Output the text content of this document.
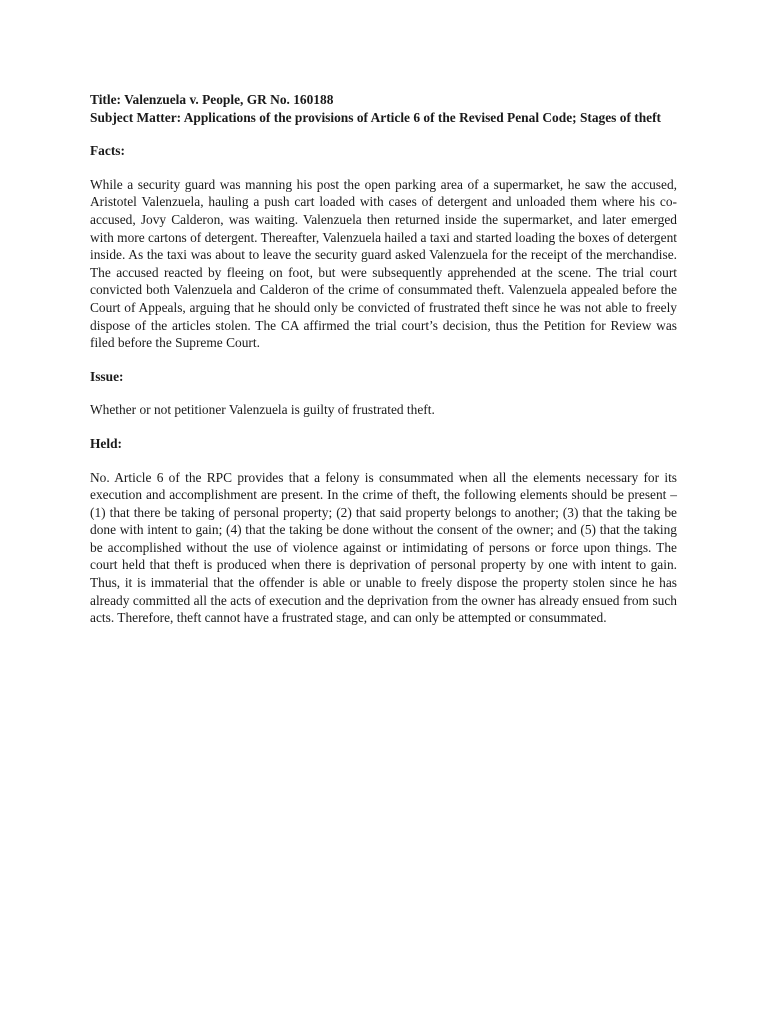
Title: Valenzuela v. People, GR No. 160188

Subject Matter: Applications of the provisions of Article 6 of the Revised Penal Code; Stages of theft

Facts:

While a security guard was manning his post the open parking area of a supermarket, he saw the accused, Aristotel Valenzuela, hauling a push cart loaded with cases of detergent and unloaded them where his co-accused, Jovy Calderon, was waiting. Valenzuela then returned inside the supermarket, and later emerged with more cartons of detergent. Thereafter, Valenzuela hailed a taxi and started loading the boxes of detergent inside. As the taxi was about to leave the security guard asked Valenzuela for the receipt of the merchandise. The accused reacted by fleeing on foot, but were subsequently apprehended at the scene. The trial court convicted both Valenzuela and Calderon of the crime of consummated theft. Valenzuela appealed before the Court of Appeals, arguing that he should only be convicted of frustrated theft since he was not able to freely dispose of the articles stolen. The CA affirmed the trial court’s decision, thus the Petition for Review was filed before the Supreme Court.

Issue:

Whether or not petitioner Valenzuela is guilty of frustrated theft.

Held:

No. Article 6 of the RPC provides that a felony is consummated when all the elements necessary for its execution and accomplishment are present. In the crime of theft, the following elements should be present – (1) that there be taking of personal property; (2) that said property belongs to another; (3) that the taking be done with intent to gain; (4) that the taking be done without the consent of the owner; and (5) that the taking be accomplished without the use of violence against or intimidating of persons or force upon things. The court held that theft is produced when there is deprivation of personal property by one with intent to gain. Thus, it is immaterial that the offender is able or unable to freely dispose the property stolen since he has already committed all the acts of execution and the deprivation from the owner has already ensued from such acts. Therefore, theft cannot have a frustrated stage, and can only be attempted or consummated.
